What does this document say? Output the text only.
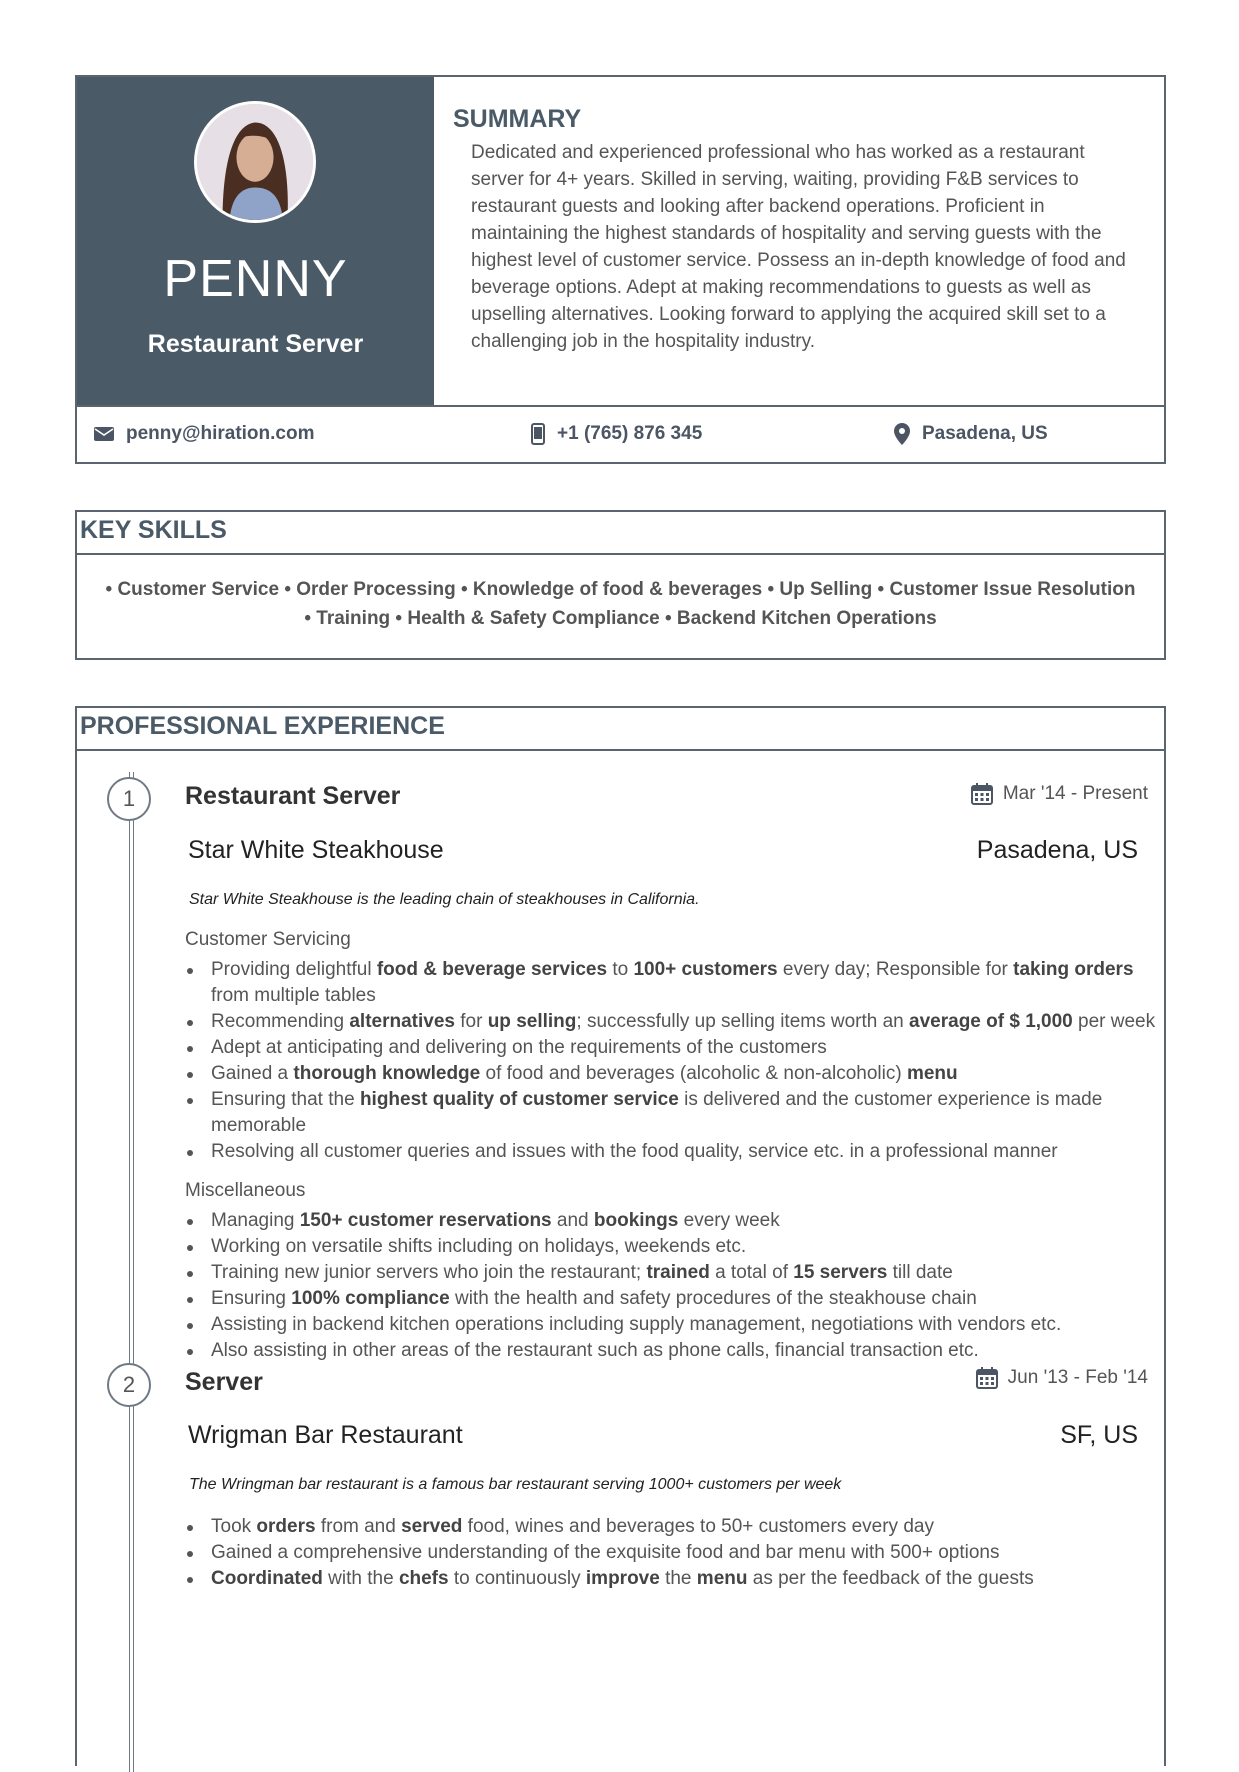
PENNY
Restaurant Server
SUMMARY
Dedicated and experienced professional who has worked as a restaurant server for 4+ years. Skilled in serving, waiting, providing F&B services to restaurant guests and looking after backend operations. Proficient in maintaining the highest standards of hospitality and serving guests with the highest level of customer service. Possess an in-depth knowledge of food and beverage options. Adept at making recommendations to guests as well as upselling alternatives. Looking forward to applying the acquired skill set to a challenging job in the hospitality industry.
penny@hiration.com	+1 (765) 876 345	Pasadena, US
KEY SKILLS
• Customer Service • Order Processing • Knowledge of food & beverages • Up Selling • Customer Issue Resolution
• Training • Health & Safety Compliance • Backend Kitchen Operations
PROFESSIONAL EXPERIENCE
1	Restaurant Server	Mar '14 - Present
Star White Steakhouse	Pasadena, US
Star White Steakhouse is the leading chain of steakhouses in California.
Customer Servicing
Providing delightful food & beverage services to 100+ customers every day; Responsible for taking orders from multiple tables
Recommending alternatives for up selling; successfully up selling items worth an average of $ 1,000 per week
Adept at anticipating and delivering on the requirements of the customers
Gained a thorough knowledge of food and beverages (alcoholic & non-alcoholic) menu
Ensuring that the highest quality of customer service is delivered and the customer experience is made memorable
Resolving all customer queries and issues with the food quality, service etc. in a professional manner
Miscellaneous
Managing 150+ customer reservations and bookings every week
Working on versatile shifts including on holidays, weekends etc.
Training new junior servers who join the restaurant; trained a total of 15 servers till date
Ensuring 100% compliance with the health and safety procedures of the steakhouse chain
Assisting in backend kitchen operations including supply management, negotiations with vendors etc.
Also assisting in other areas of the restaurant such as phone calls, financial transaction etc.
2	Server	Jun '13 - Feb '14
Wrigman Bar Restaurant	SF, US
The Wringman bar restaurant is a famous bar restaurant serving 1000+ customers per week
Took orders from and served food, wines and beverages to 50+ customers every day
Gained a comprehensive understanding of the exquisite food and bar menu with 500+ options
Coordinated with the chefs to continuously improve the menu as per the feedback of the guests
